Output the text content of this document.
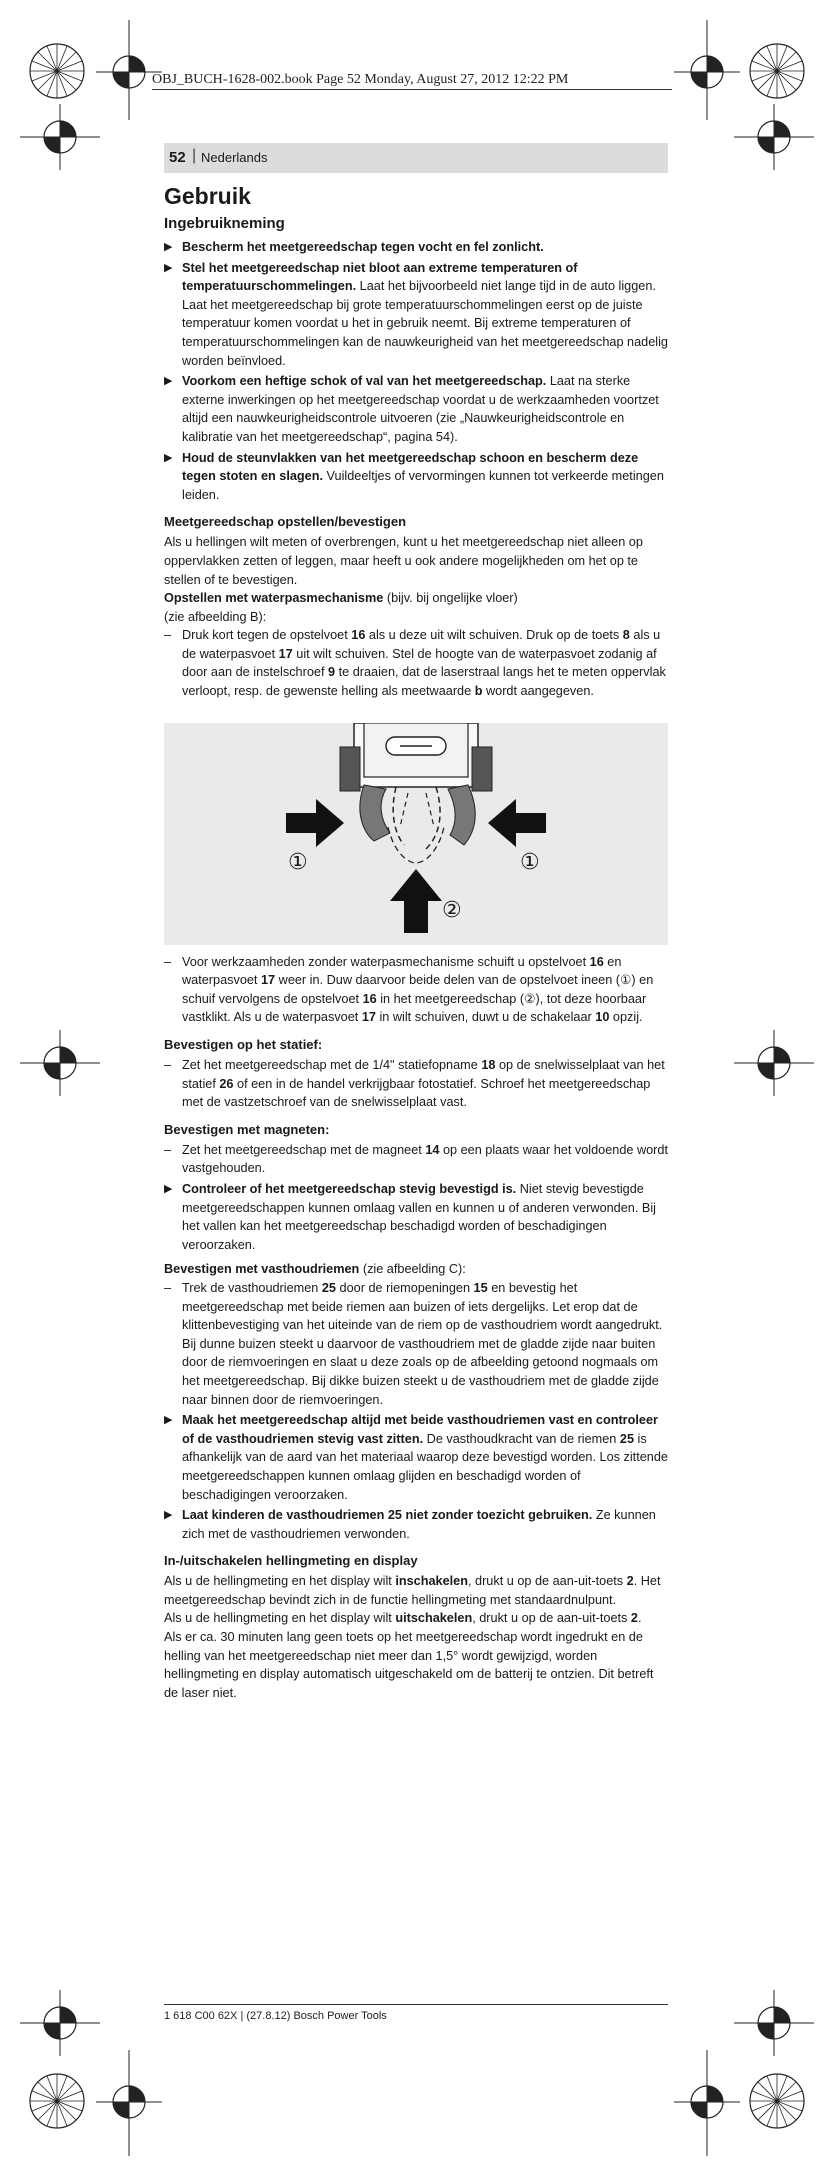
OBJ_BUCH-1628-002.book Page 52 Monday, August 27, 2012 12:22 PM
52 | Nederlands
Gebruik
Ingebruikneming
▶ Bescherm het meetgereedschap tegen vocht en fel zonlicht.
▶ Stel het meetgereedschap niet bloot aan extreme temperaturen of temperatuurschommelingen. Laat het bijvoorbeeld niet lange tijd in de auto liggen. Laat het meetgereedschap bij grote temperatuurschommelingen eerst op de juiste temperatuur komen voordat u het in gebruik neemt. Bij extreme temperaturen of temperatuurschommelingen kan de nauwkeurigheid van het meetgereedschap nadelig worden beïnvloed.
▶ Voorkom een heftige schok of val van het meetgereedschap. Laat na sterke externe inwerkingen op het meetgereedschap voordat u de werkzaamheden voortzet altijd een nauwkeurigheidscontrole uitvoeren (zie „Nauwkeurigheidscontrole en kalibratie van het meetgereedschap“, pagina 54).
▶ Houd de steunvlakken van het meetgereedschap schoon en bescherm deze tegen stoten en slagen. Vuildeeltjes of vervormingen kunnen tot verkeerde metingen leiden.
Meetgereedschap opstellen/bevestigen

Als u hellingen wilt meten of overbrengen, kunt u het meetgereedschap niet alleen op oppervlakken zetten of leggen, maar heeft u ook andere mogelijkheden om het op te stellen of te bevestigen.

Opstellen met waterpasmechanisme (bijv. bij ongelijke vloer)

(zie afbeelding B):

– Druk kort tegen de opstelvoet 16 als u deze uit wilt schuiven. Druk op de toets 8 als u de waterpasvoet 17 uit wilt schuiven. Stel de hoogte van de waterpasvoet zodanig af door aan de instelschroef 9 te draaien, dat de laserstraal langs het te meten oppervlak verloopt, resp. de gewenste helling als meetwaarde b wordt aangegeven.
①	①
②
– Voor werkzaamheden zonder waterpasmechanisme schuift u opstelvoet 16 en waterpasvoet 17 weer in. Duw daarvoor beide delen van de opstelvoet ineen (①) en schuif vervolgens de opstelvoet 16 in het meetgereedschap (②), tot deze hoorbaar vastklikt. Als u de waterpasvoet 17 in wilt schuiven, duwt u de schakelaar 10 opzij.
Bevestigen op het statief:
– Zet het meetgereedschap met de 1/4" statiefopname 18 op de snelwisselplaat van het statief 26 of een in de handel verkrijgbaar fotostatief. Schroef het meetgereedschap met de vastzetschroef van de snelwisselplaat vast.
Bevestigen met magneten:
– Zet het meetgereedschap met de magneet 14 op een plaats waar het voldoende wordt vastgehouden.
▶ Controleer of het meetgereedschap stevig bevestigd is. Niet stevig bevestigde meetgereedschappen kunnen omlaag vallen en kunnen u of anderen verwonden. Bij het vallen kan het meetgereedschap beschadigd worden of beschadigingen veroorzaken.

Bevestigen met vasthoudriemen (zie afbeelding C):

– Trek de vasthoudriemen 25 door de riemopeningen 15 en bevestig het meetgereedschap met beide riemen aan buizen of iets dergelijks. Let erop dat de klittenbevestiging van het uiteinde van de riem op de vasthoudriem wordt aangedrukt. Bij dunne buizen steekt u daarvoor de vasthoudriem met de gladde zijde naar buiten door de riemvoeringen en slaat u deze zoals op de afbeelding getoond nogmaals om het meetgereedschap. Bij dikke buizen steekt u de vasthoudriem met de gladde zijde naar binnen door de riemvoeringen.
▶ Maak het meetgereedschap altijd met beide vasthoudriemen vast en controleer of de vasthoudriemen stevig vast zitten. De vasthoudkracht van de riemen 25 is afhankelijk van de aard van het materiaal waarop deze bevestigd worden. Los zittende meetgereedschappen kunnen omlaag glijden en beschadigd worden of beschadigingen veroorzaken.
▶ Laat kinderen de vasthoudriemen 25 niet zonder toezicht gebruiken. Ze kunnen zich met de vasthoudriemen verwonden.
In-/uitschakelen hellingmeting en display

Als u de hellingmeting en het display wilt inschakelen, drukt u op de aan-uit-toets 2. Het meetgereedschap bevindt zich in de functie hellingmeting met standaardnulpunt.

Als u de hellingmeting en het display wilt uitschakelen, drukt u op de aan-uit-toets 2.

Als er ca. 30 minuten lang geen toets op het meetgereedschap wordt ingedrukt en de helling van het meetgereedschap niet meer dan 1,5° wordt gewijzigd, worden hellingmeting en display automatisch uitgeschakeld om de batterij te ontzien. Dit betreft de laser niet.

1 618 C00 62X | (27.8.12) Bosch Power Tools
